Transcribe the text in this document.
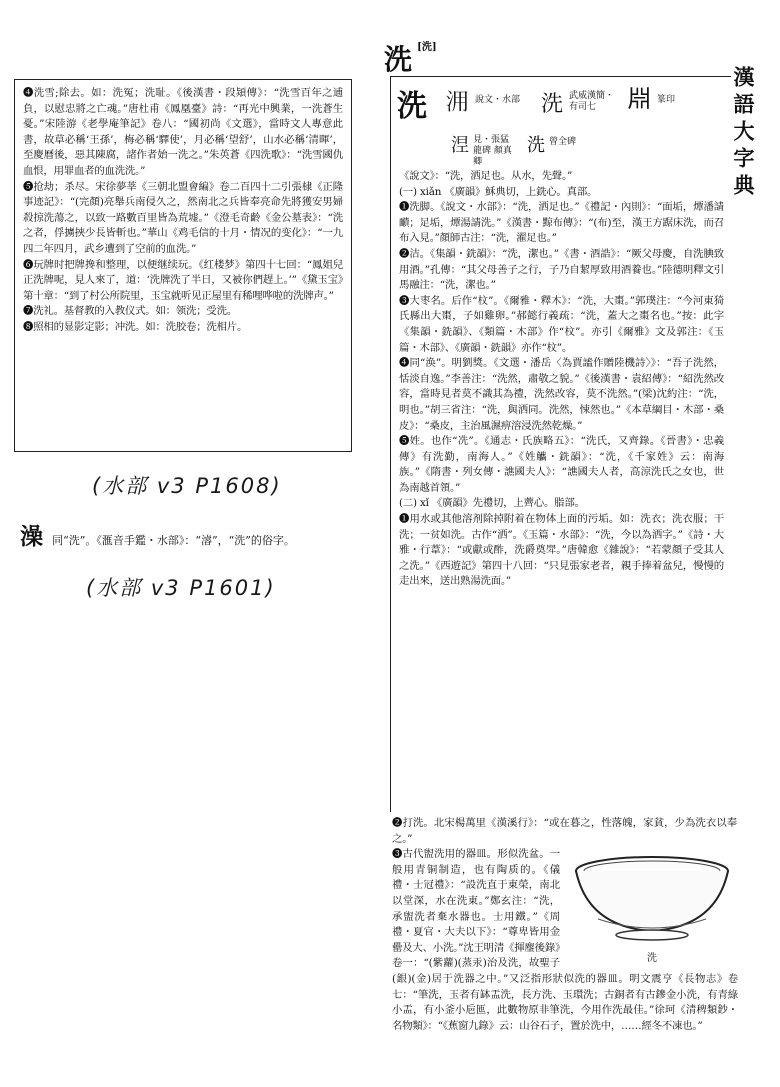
❹洗雪;除去。如：洗冤；洗耻。《後漢書・段熲傳》：“洗雪百年之逋負，以慰忠將之亡魂。”唐杜甫《鳳凰臺》詩：“再光中興業，一洗蒼生憂。”宋陸游《老學庵筆記》卷八：“國初尚《文選》，當時文人專意此書，故草必稱‘王孫’，梅必稱‘驛使’，月必稱‘望舒’，山水必稱‘清暉’，至慶曆後，惡其陳腐，諸作者始一洗之。”朱英蒼《四洗歌》：“洗雪國仇血恨，用罪血者的血洗洗。”

❺抢劫；杀尽。宋徐夢莘《三朝北盟會編》卷二百四十二引張棣《正隆事迹記》：“(完顏)亮舉兵南侵久之，然南北之兵皆奉亮命先將獲安男婦殺掠洗蕩之，以致一路數百里皆為荒墟。”《澄毛奇齡《金公墓表》：“洗之者，俘擄挾少長皆斬也。”華山《鸡毛信的十月・情况的变化》：“一九四二年四月，武乡遭到了空前的血洗。”

❻玩牌时把牌搀和整理，以便继续玩。《红楼梦》第四十七回：“鳳姐兒正洗牌呢，見人來了，道：‘洗牌洗了半日，又被你們趕上。’”《黛玉宝》第十章：“到了村公所院里，玉宝就听见正屋里有稀哩哗啦的洗牌声。”

❼洗礼。基督教的入教仪式。如：领洗；受洗。

❽照相的显影定影；冲洗。如：洗胶卷；洗相片。

(水部 v3 P1608)
澡 同“洗”。《滙音手鑑・水部》：“𣽊”，“洗”的俗字。
(水部 v3 P1601)
洗 [洗]
漢語大字典
洗 𣳔 說文・水部 洗 武威漢簡・有司七	𣶒 篆印
𣵀 見・張猛龍碑 顏真卿
洗 曾全碑

《說文》：“洗，洒足也。从水，先聲。”

(一) xiǎn 《廣韻》穌典切，上銑心。真部。

❶洗脚。《說文・水部》：“洗，洒足也。”《禮記・內則》：“面垢，燂潘請靧；足垢，燂湯請洗。”《漢書・黥布傳》：“(布)至，漢王方踞床洗，而召布入見。”顏師古注：“洗，濯足也。”

❷洁。《集韻・銑韻》：“洗，潔也。”《書・酒誥》：“厥父母慶，自洗腆致用酒。”孔傳：“其父母善子之行，子乃自絜厚致用酒養也。”陸德明釋文引馬融注：“洗，潔也。”

❸大枣名。后作“𣐀”。《爾雅・釋木》：“洗，大棗。”郭璞注：“今河東猗氏縣出大棗，子如雞卵。”郝懿行義疏：“洗，蓋大之棗名也。”按：此字《集韻・銑韻》、《類篇・木部》作“𣐀”。亦引《爾雅》文及郭注：《玉篇・木部》、《廣韻・銑韻》亦作“𣐀”。

❹同“涣”。明劉獎。《文選・潘岳〈為賈謐作贈陸機詩〉》：“吾子洗然，恬淡自逸。”李善注：“洗然，肅敬之貌。”《後漢書・袁紹傳》：“紹洗然改容，當時見者莫不識其為禮，洗然改容，莫不洗然。”(梁)沈約注：“洗，明也。”胡三省注：“洗，與洒同。洗然，悚然也。”《本草綱目・木部・桑皮》：“桑皮，主治風濕痹溶浸洗然乾燥。”

❺姓。也作“冼”。《通志・氏族略五》：“洗氏，又齊錄。《晉書》・忠義傳》有洗勤，南海人。”《姓觿・銑韻》：“洗，《千家姓》云：南海族。”《隋書・列女傳・譙國夫人》：“譙國夫人者，高涼洗氏之女也，世為南越首領。”

(二) xǐ 《廣韻》先禮切，上薺心。脂部。

❶用水或其他溶剂除掉附着在物体上面的污垢。如：洗衣；洗衣服；干洗；一贫如洗。古作“洒”。《玉篇・水部》：“洗，今以為洒字。”《詩・大雅・行葦》：“或獻或酢，洗爵奠斝。”唐韓愈《雜說》：“若蒙顏子受其人之洗。”《西遊記》第四十八回：“只見張家老者，親手捧着盆兒，慢慢的走出來，送出熟湯洗面。”

❷打洗。北宋楊萬里《漢溪行》：“或在暮之，性落魄，家貧，少為洗衣以奉之。”

洗

❸古代盥洗用的器皿。形似洗盆。一般用青铜制造，也有陶质的。《儀禮・士冠禮》：“設洗直于東榮，南北以堂深，水在洗東。”鄭玄注：“洗，承盥洗者棄水器也。士用鐵。”《周禮・夏官・大夫以下》：“尊卑皆用金罍及大、小洗。”沈王明清《揮麈後錄》卷一：“(紫蘿)(蒸汞)治及洗，故聖子(銀)(金)居于洗器之中。”又泛指形狀似洗的器皿。明文震亨《長物志》卷七：“筆洗，玉者有缽盂洗，長方洗、玉環洗；古銅者有古鏒金小洗，有青綠小盂，有小釜小巵匜，此數物原非筆洗，今用作洗最佳。”徐珂《清稗類鈔・名物類》：“《蕉窗九錄》云：山谷石子，置於洗中，……經冬不凍也。”
